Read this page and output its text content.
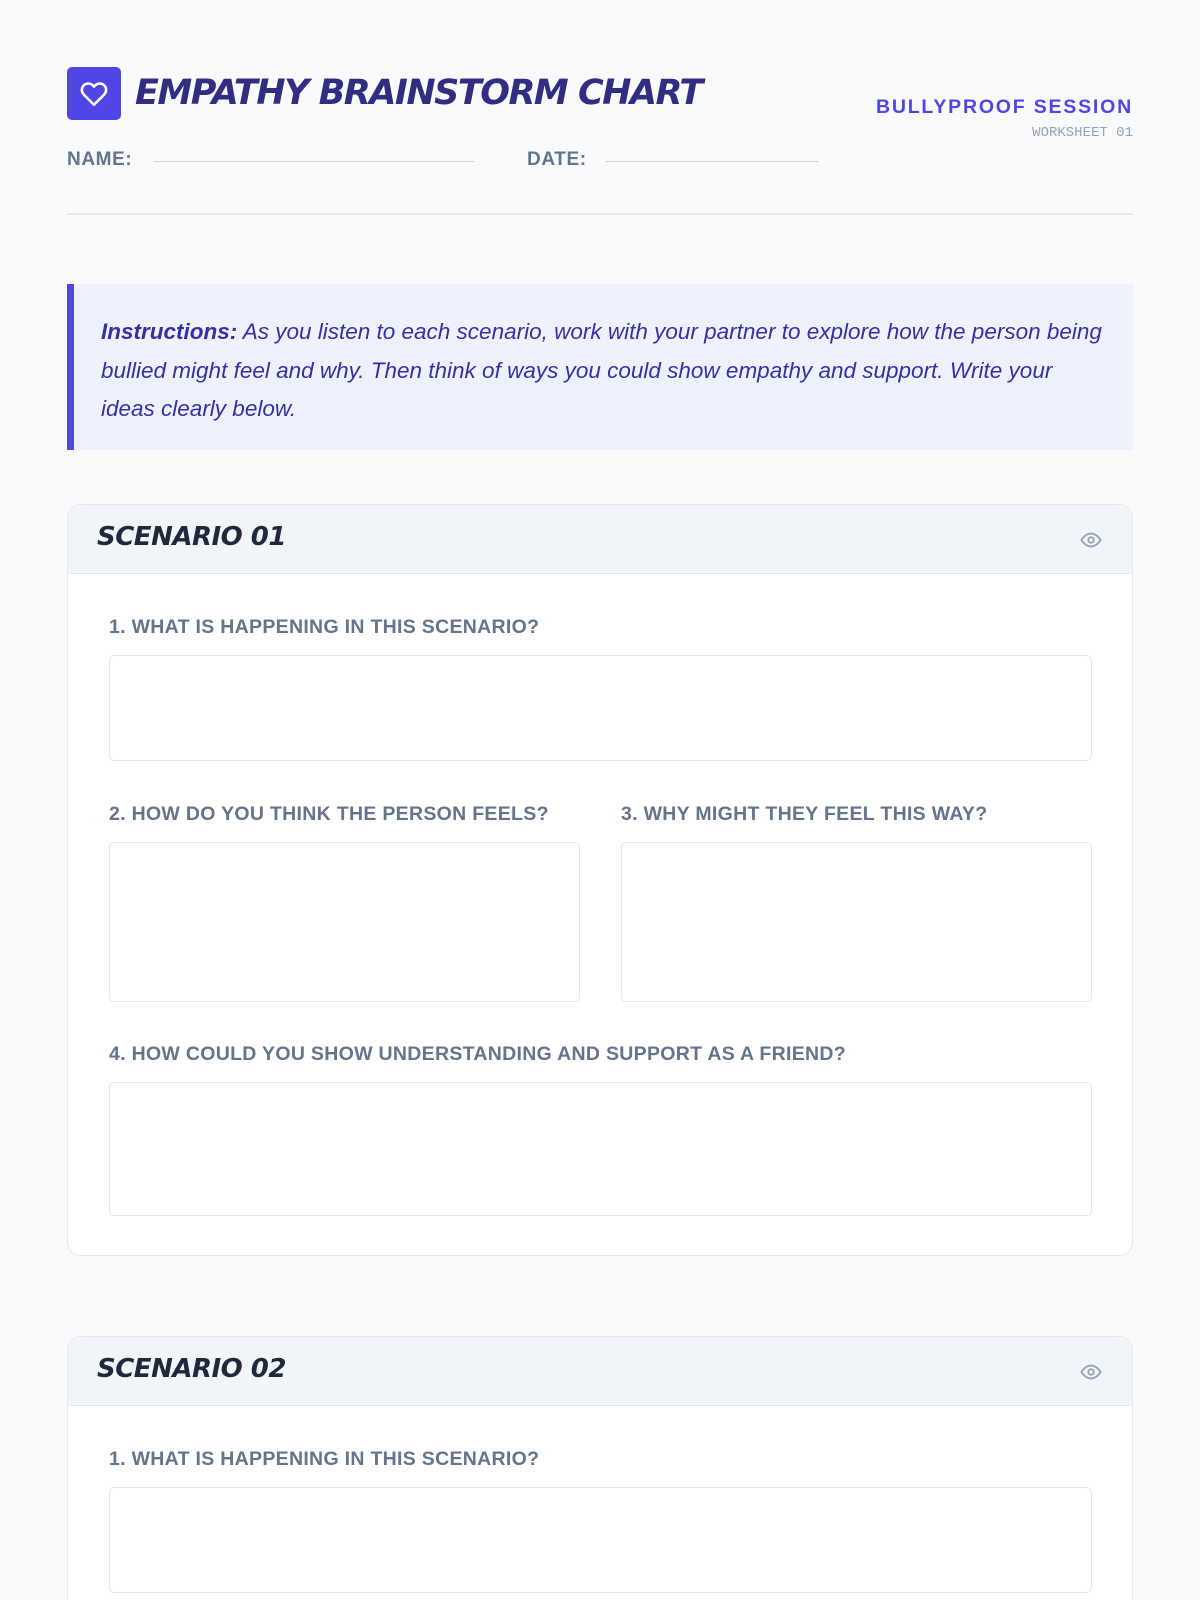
EMPATHY BRAINSTORM CHART	BULLYPROOF SESSION
WORKSHEET 01
NAME:	DATE:

Instructions: As you listen to each scenario, work with your partner to explore how the person being bullied might feel and why. Then think of ways you could show empathy and support. Write your ideas clearly below.

SCENARIO 01
1. WHAT IS HAPPENING IN THIS SCENARIO?
2. HOW DO YOU THINK THE PERSON FEELS?	3. WHY MIGHT THEY FEEL THIS WAY?
4. HOW COULD YOU SHOW UNDERSTANDING AND SUPPORT AS A FRIEND?
SCENARIO 02
1. WHAT IS HAPPENING IN THIS SCENARIO?
